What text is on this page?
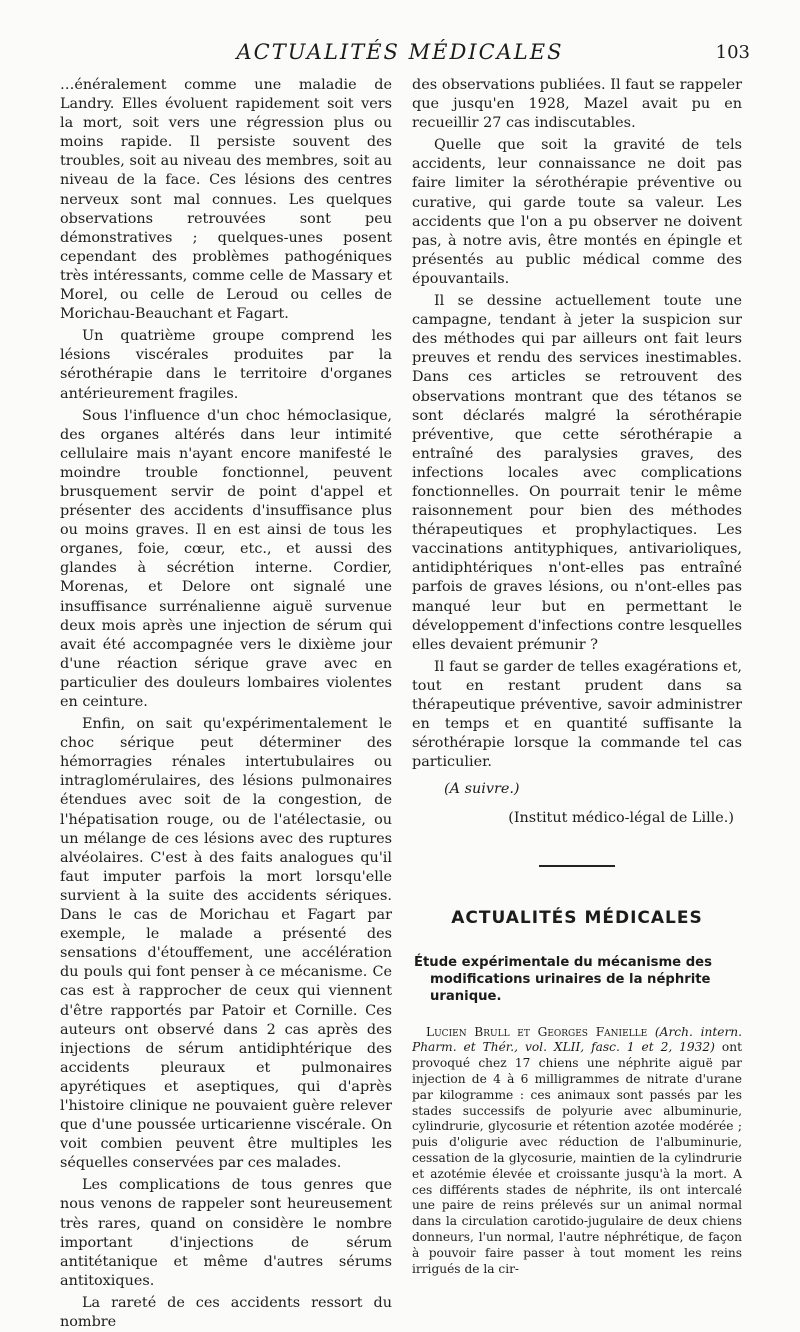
ACTUALITÉS MÉDICALES	103

…énéralement comme une maladie de Landry. Elles évoluent rapidement soit vers la mort, soit vers une régression plus ou moins rapide. Il persiste souvent des troubles, soit au niveau des membres, soit au niveau de la face. Ces lésions des centres nerveux sont mal connues. Les quelques observations retrouvées sont peu démonstratives ; quelques-unes posent cependant des problèmes pathogéniques très intéressants, comme celle de Massary et Morel, ou celle de Leroud ou celles de Morichau-Beauchant et Fagart.

Un quatrième groupe comprend les lésions viscérales produites par la sérothérapie dans le territoire d'organes antérieurement fragiles.

Sous l'influence d'un choc hémoclasique, des organes altérés dans leur intimité cellulaire mais n'ayant encore manifesté le moindre trouble fonctionnel, peuvent brusquement servir de point d'appel et présenter des accidents d'insuffisance plus ou moins graves. Il en est ainsi de tous les organes, foie, cœur, etc., et aussi des glandes à sécrétion interne. Cordier, Morenas, et Delore ont signalé une insuffisance surrénalienne aiguë survenue deux mois après une injection de sérum qui avait été accompagnée vers le dixième jour d'une réaction sérique grave avec en particulier des douleurs lombaires violentes en ceinture.

Enfin, on sait qu'expérimentalement le choc sérique peut déterminer des hémorragies rénales intertubulaires ou intraglomérulaires, des lésions pulmonaires étendues avec soit de la congestion, de l'hépatisation rouge, ou de l'atélectasie, ou un mélange de ces lésions avec des ruptures alvéolaires. C'est à des faits analogues qu'il faut imputer parfois la mort lorsqu'elle survient à la suite des accidents sériques. Dans le cas de Morichau et Fagart par exemple, le malade a présenté des sensations d'étouffement, une accélération du pouls qui font penser à ce mécanisme. Ce cas est à rapprocher de ceux qui viennent d'être rapportés par Patoir et Cornille. Ces auteurs ont observé dans 2 cas après des injections de sérum antidiphtérique des accidents pleuraux et pulmonaires apyrétiques et aseptiques, qui d'après l'histoire clinique ne pouvaient guère relever que d'une poussée urticarienne viscérale. On voit combien peuvent être multiples les séquelles conservées par ces malades.

Les complications de tous genres que nous venons de rappeler sont heureusement très rares, quand on considère le nombre important d'injections de sérum antitétanique et même d'autres sérums antitoxiques.

La rareté de ces accidents ressort du nombre

des observations publiées. Il faut se rappeler que jusqu'en 1928, Mazel avait pu en recueillir 27 cas indiscutables.

Quelle que soit la gravité de tels accidents, leur connaissance ne doit pas faire limiter la sérothérapie préventive ou curative, qui garde toute sa valeur. Les accidents que l'on a pu observer ne doivent pas, à notre avis, être montés en épingle et présentés au public médical comme des épouvantails.

Il se dessine actuellement toute une campagne, tendant à jeter la suspicion sur des méthodes qui par ailleurs ont fait leurs preuves et rendu des services inestimables. Dans ces articles se retrouvent des observations montrant que des tétanos se sont déclarés malgré la sérothérapie préventive, que cette sérothérapie a entraîné des paralysies graves, des infections locales avec complications fonctionnelles. On pourrait tenir le même raisonnement pour bien des méthodes thérapeutiques et prophylactiques. Les vaccinations antityphiques, antivarioliques, antidiphtériques n'ont-elles pas entraîné parfois de graves lésions, ou n'ont-elles pas manqué leur but en permettant le développement d'infections contre lesquelles elles devaient prémunir ?

Il faut se garder de telles exagérations et, tout en restant prudent dans sa thérapeutique préventive, savoir administrer en temps et en quantité suffisante la sérothérapie lorsque la commande tel cas particulier.

(A suivre.)

(Institut médico-légal de Lille.)

ACTUALITÉS MÉDICALES
Étude expérimentale du mécanisme des modifications urinaires de la néphrite uranique.
Lucien Brull et Georges Fanielle (Arch. intern. Pharm. et Thér., vol. XLII, fasc. 1 et 2, 1932) ont provoqué chez 17 chiens une néphrite aiguë par injection de 4 à 6 milligrammes de nitrate d'urane par kilogramme : ces animaux sont passés par les stades successifs de polyurie avec albuminurie, cylindrurie, glycosurie et rétention azotée modérée ; puis d'oligurie avec réduction de l'albuminurie, cessation de la glycosurie, maintien de la cylindrurie et azotémie élevée et croissante jusqu'à la mort. A ces différents stades de néphrite, ils ont intercalé une paire de reins prélevés sur un animal normal dans la circulation carotido-jugulaire de deux chiens donneurs, l'un normal, l'autre néphrétique, de façon à pouvoir faire passer à tout moment les reins irrigués de la cir-
